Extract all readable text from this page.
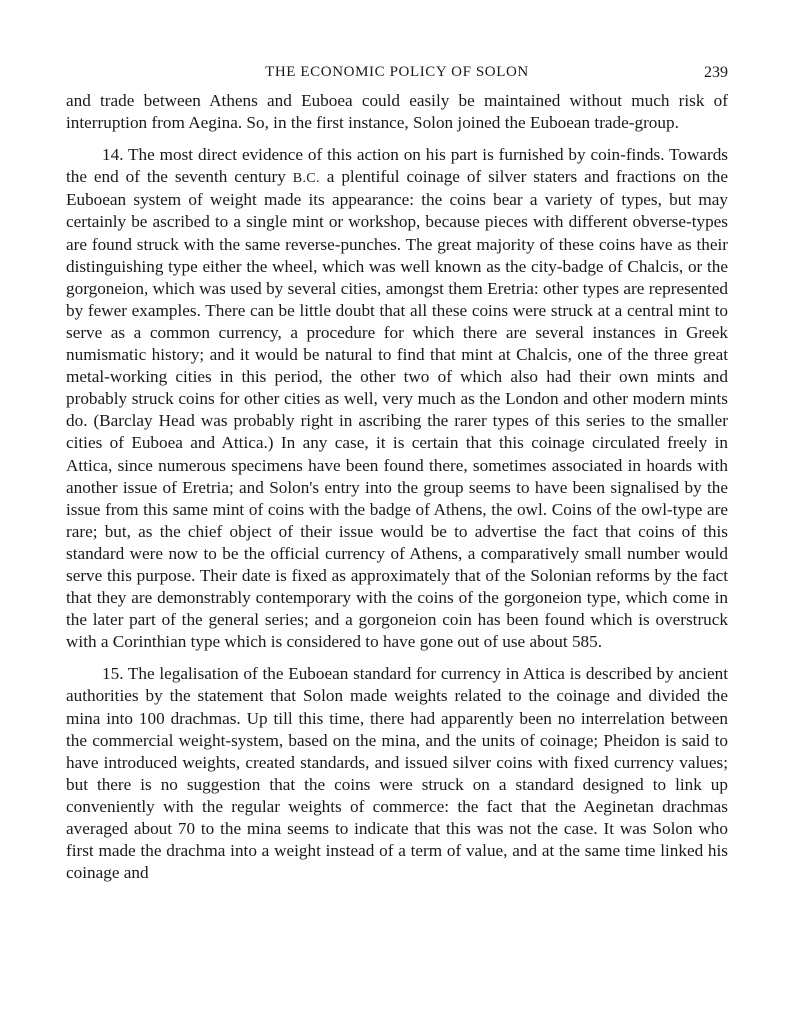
THE ECONOMIC POLICY OF SOLON	239

and trade between Athens and Euboea could easily be maintained without much risk of interruption from Aegina. So, in the first instance, Solon joined the Euboean trade-group.

14. The most direct evidence of this action on his part is furnished by coin-finds. Towards the end of the seventh century B.C. a plentiful coinage of silver staters and fractions on the Euboean system of weight made its appearance: the coins bear a variety of types, but may certainly be ascribed to a single mint or workshop, because pieces with different obverse-types are found struck with the same reverse-punches. The great majority of these coins have as their distinguishing type either the wheel, which was well known as the city-badge of Chalcis, or the gorgoneion, which was used by several cities, amongst them Eretria: other types are represented by fewer examples. There can be little doubt that all these coins were struck at a central mint to serve as a common currency, a procedure for which there are several instances in Greek numismatic history; and it would be natural to find that mint at Chalcis, one of the three great metal-working cities in this period, the other two of which also had their own mints and probably struck coins for other cities as well, very much as the London and other modern mints do. (Barclay Head was probably right in ascribing the rarer types of this series to the smaller cities of Euboea and Attica.) In any case, it is certain that this coinage circulated freely in Attica, since numerous specimens have been found there, sometimes associated in hoards with another issue of Eretria; and Solon's entry into the group seems to have been signalised by the issue from this same mint of coins with the badge of Athens, the owl. Coins of the owl-type are rare; but, as the chief object of their issue would be to advertise the fact that coins of this standard were now to be the official currency of Athens, a comparatively small number would serve this purpose. Their date is fixed as approximately that of the Solonian reforms by the fact that they are demonstrably contemporary with the coins of the gorgoneion type, which come in the later part of the general series; and a gorgoneion coin has been found which is overstruck with a Corinthian type which is considered to have gone out of use about 585.

15. The legalisation of the Euboean standard for currency in Attica is described by ancient authorities by the statement that Solon made weights related to the coinage and divided the mina into 100 drachmas. Up till this time, there had apparently been no interrelation between the commercial weight-system, based on the mina, and the units of coinage; Pheidon is said to have introduced weights, created standards, and issued silver coins with fixed currency values; but there is no suggestion that the coins were struck on a standard designed to link up conveniently with the regular weights of commerce: the fact that the Aeginetan drachmas averaged about 70 to the mina seems to indicate that this was not the case. It was Solon who first made the drachma into a weight instead of a term of value, and at the same time linked his coinage and
